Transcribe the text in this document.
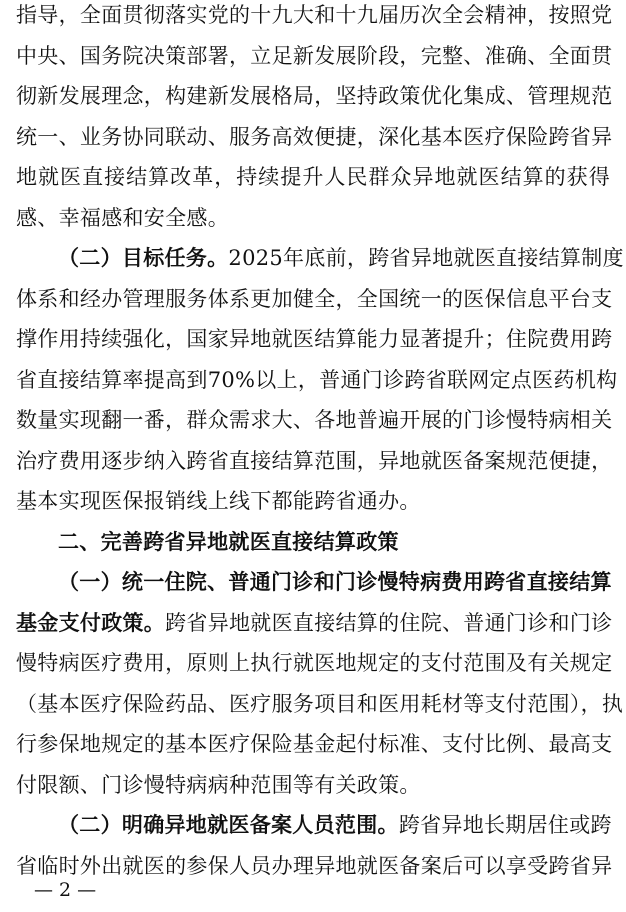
指导，全面贯彻落实党的十九大和十九届历次全会精神，按照党
中央、国务院决策部署，立足新发展阶段，完整、准确、全面贯
彻新发展理念，构建新发展格局，坚持政策优化集成、管理规范
统一、业务协同联动、服务高效便捷，深化基本医疗保险跨省异
地就医直接结算改革，持续提升人民群众异地就医结算的获得
感、幸福感和安全感。
（二）目标任务。2025年底前，跨省异地就医直接结算制度
体系和经办管理服务体系更加健全，全国统一的医保信息平台支
撑作用持续强化，国家异地就医结算能力显著提升；住院费用跨
省直接结算率提高到70%以上，普通门诊跨省联网定点医药机构
数量实现翻一番，群众需求大、各地普遍开展的门诊慢特病相关
治疗费用逐步纳入跨省直接结算范围，异地就医备案规范便捷，
基本实现医保报销线上线下都能跨省通办。
二、完善跨省异地就医直接结算政策
（一）统一住院、普通门诊和门诊慢特病费用跨省直接结算
基金支付政策。跨省异地就医直接结算的住院、普通门诊和门诊
慢特病医疗费用，原则上执行就医地规定的支付范围及有关规定
（基本医疗保险药品、医疗服务项目和医用耗材等支付范围），执
行参保地规定的基本医疗保险基金起付标准、支付比例、最高支
付限额、门诊慢特病病种范围等有关政策。
（二）明确异地就医备案人员范围。跨省异地长期居住或跨
省临时外出就医的参保人员办理异地就医备案后可以享受跨省异
— 2 —
